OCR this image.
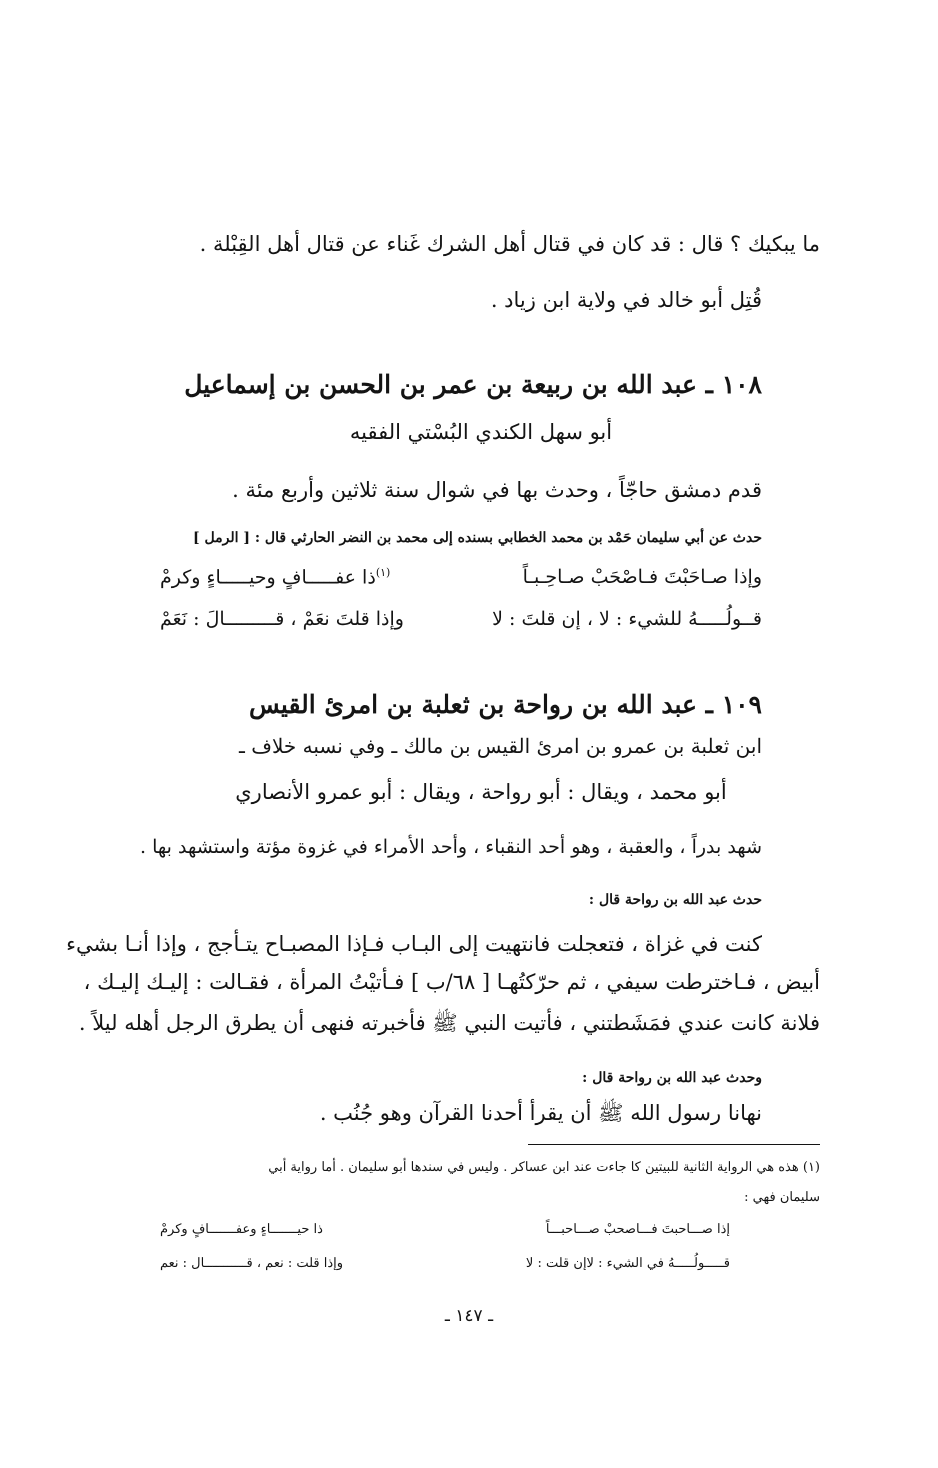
ما يبكيك ؟ قال : قد كان في قتال أهل الشرك غَناء عن قتال أهل القِبْلة .
قُتِل أبو خالد في ولاية ابن زياد .
١٠٨ ـ عبد الله بن ربيعة بن عمر بن الحسن بن إسماعيل
أبو سهل الكندي البُسْتي الفقيه
قدم دمشق حاجّاً ، وحدث بها في شوال سنة ثلاثين وأربع مئة .
حدث عن أبي سليمان حَمْد بن محمد الخطابي بسنده إلى محمد بن النضر الحارثي قال : [ الرمل ]
وإذا صـاحَبْتَ فـاصْحَبْ صـاحِـبـاً
$^{(١)}$ذا عفـــــافٍ وحيـــــاءٍ وكرمْ
قــولُـــــهُ للشيء : لا ، إن قلتَ : لا
وإذا قلتَ نعَمْ ، قـــــــــالَ : نَعَمْ
١٠٩ ـ عبد الله بن رواحة بن ثعلبة بن امرئ القيس
ابن ثعلبة بن عمرو بن امرئ القيس بن مالك ـ وفي نسبه خلاف ـ
أبو محمد ، ويقال : أبو رواحة ، ويقال : أبو عمرو الأنصاري
شهد بدراً ، والعقبة ، وهو أحد النقباء ، وأحد الأمراء في غزوة مؤتة واستشهد بها .
حدث عبد الله بن رواحة قال :
كنت في غزاة ، فتعجلت فانتهيت إلى البـاب فـإذا المصبـاح يتـأجج ، وإذا أنـا بشيء
أبيض ، فـاخترطت سيفي ، ثم حرّكتُهـا [ ٦٨/ب ] فـأتيْتُ المرأة ، فقـالت : إليـك إليـك ،
فلانة كانت عندي فمَشَطتني ، فأتيت النبي ﷺ فأخبرته فنهى أن يطرق الرجل أهله ليلاً .
وحدث عبد الله بن رواحة قال :
نهانا رسول الله ﷺ أن يقرأ أحدنا القرآن وهو جُنُب .
(١) هذه هي الرواية الثانية للبيتين كا جاءت عند ابن عساكر . وليس في سندها أبو سليمان . أما رواية أبي
سليمان فهي :
إذا صـــاحبتَ فـــاصحبْ صـــاحبـــاً
ذا حيـــــــاءٍ وعفـــــــافٍ وكرمْ
قـــــولُـــــهُ في الشيء : لاإن قلت : لا
وإذا قلت : نعم ، قـــــــــــال : نعم
ـ ١٤٧ ـ
